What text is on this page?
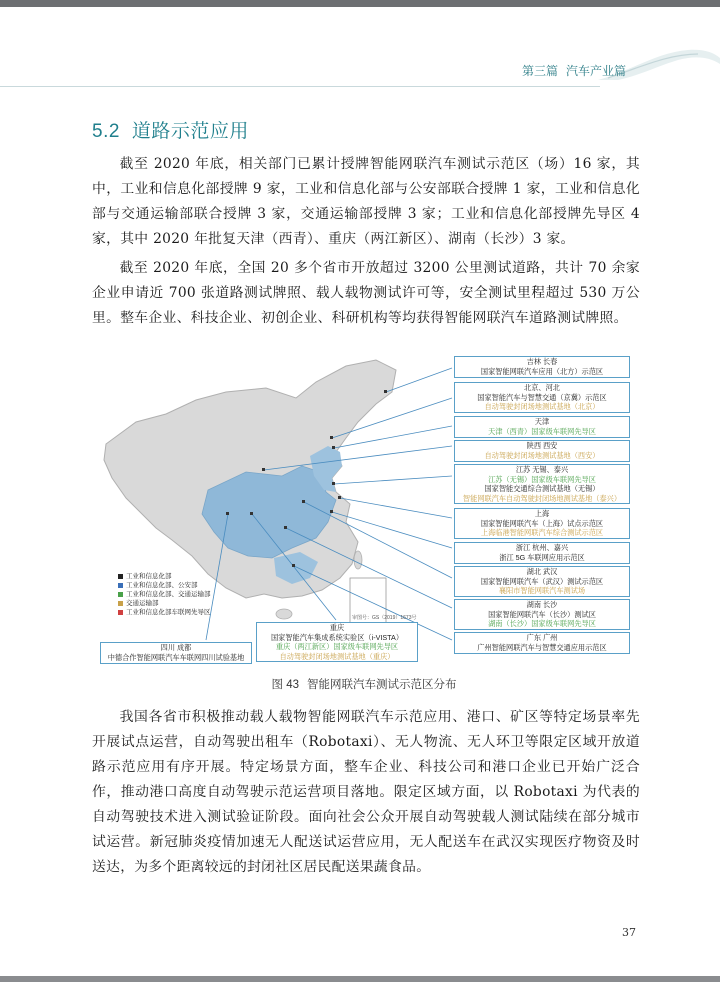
第三篇 汽车产业篇
5.2 道路示范应用

截至 2020 年底，相关部门已累计授牌智能网联汽车测试示范区（场）16 家，其中，工业和信息化部授牌 9 家，工业和信息化部与公安部联合授牌 1 家，工业和信息化部与交通运输部联合授牌 3 家，交通运输部授牌 3 家；工业和信息化部授牌先导区 4 家，其中 2020 年批复天津（西青）、重庆（两江新区）、湖南（长沙）3 家。

截至 2020 年底，全国 20 多个省市开放超过 3200 公里测试道路，共计 70 余家企业申请近 700 张道路测试牌照、载人载物测试许可等，安全测试里程超过 530 万公里。整车企业、科技企业、初创企业、科研机构等均获得智能网联汽车道路测试牌照。

吉林 长春
国家智能网联汽车应用（北方）示范区
北京、河北
国家智能汽车与智慧交通（京冀）示范区
自动驾驶封闭场地测试基地（北京）
天津
天津（西青）国家级车联网先导区
陕西 西安
自动驾驶封闭场地测试基地（西安）
江苏 无锡、泰兴
江苏（无锡）国家级车联网先导区
国家智能交通综合测试基地（无锡）
智能网联汽车自动驾驶封闭场地测试基地（泰兴）
上海
国家智能网联汽车（上海）试点示范区
上海临港智能网联汽车综合测试示范区
浙江 杭州、嘉兴
浙江 5G 车联网应用示范区
湖北 武汉
国家智能网联汽车（武汉）测试示范区
襄阳市智能网联汽车测试场
湖南 长沙
国家智能网联汽车（长沙）测试区
湖南（长沙）国家级车联网先导区
广东 广州
广州智能网联汽车与智慧交通应用示范区
重庆
国家智能汽车集成系统实验区（i-VISTA）
重庆（两江新区）国家级车联网先导区
自动驾驶封闭场地测试基地（重庆）
四川 成都
中德合作智能网联汽车车联网四川试验基地
审图号：GS（2019）1673号
工业和信息化部
工业和信息化部、公安部
工业和信息化部、交通运输部
交通运输部
工业和信息化部车联网先导区
图 43 智能网联汽车测试示范区分布

我国各省市积极推动载人载物智能网联汽车示范应用、港口、矿区等特定场景率先开展试点运营，自动驾驶出租车（Robotaxi）、无人物流、无人环卫等限定区域开放道路示范应用有序开展。特定场景方面，整车企业、科技公司和港口企业已开始广泛合作，推动港口高度自动驾驶示范运营项目落地。限定区域方面，以 Robotaxi 为代表的自动驾驶技术进入测试验证阶段。面向社会公众开展自动驾驶载人测试陆续在部分城市试运营。新冠肺炎疫情加速无人配送试运营应用，无人配送车在武汉实现医疗物资及时送达，为多个距离较远的封闭社区居民配送果蔬食品。

37
